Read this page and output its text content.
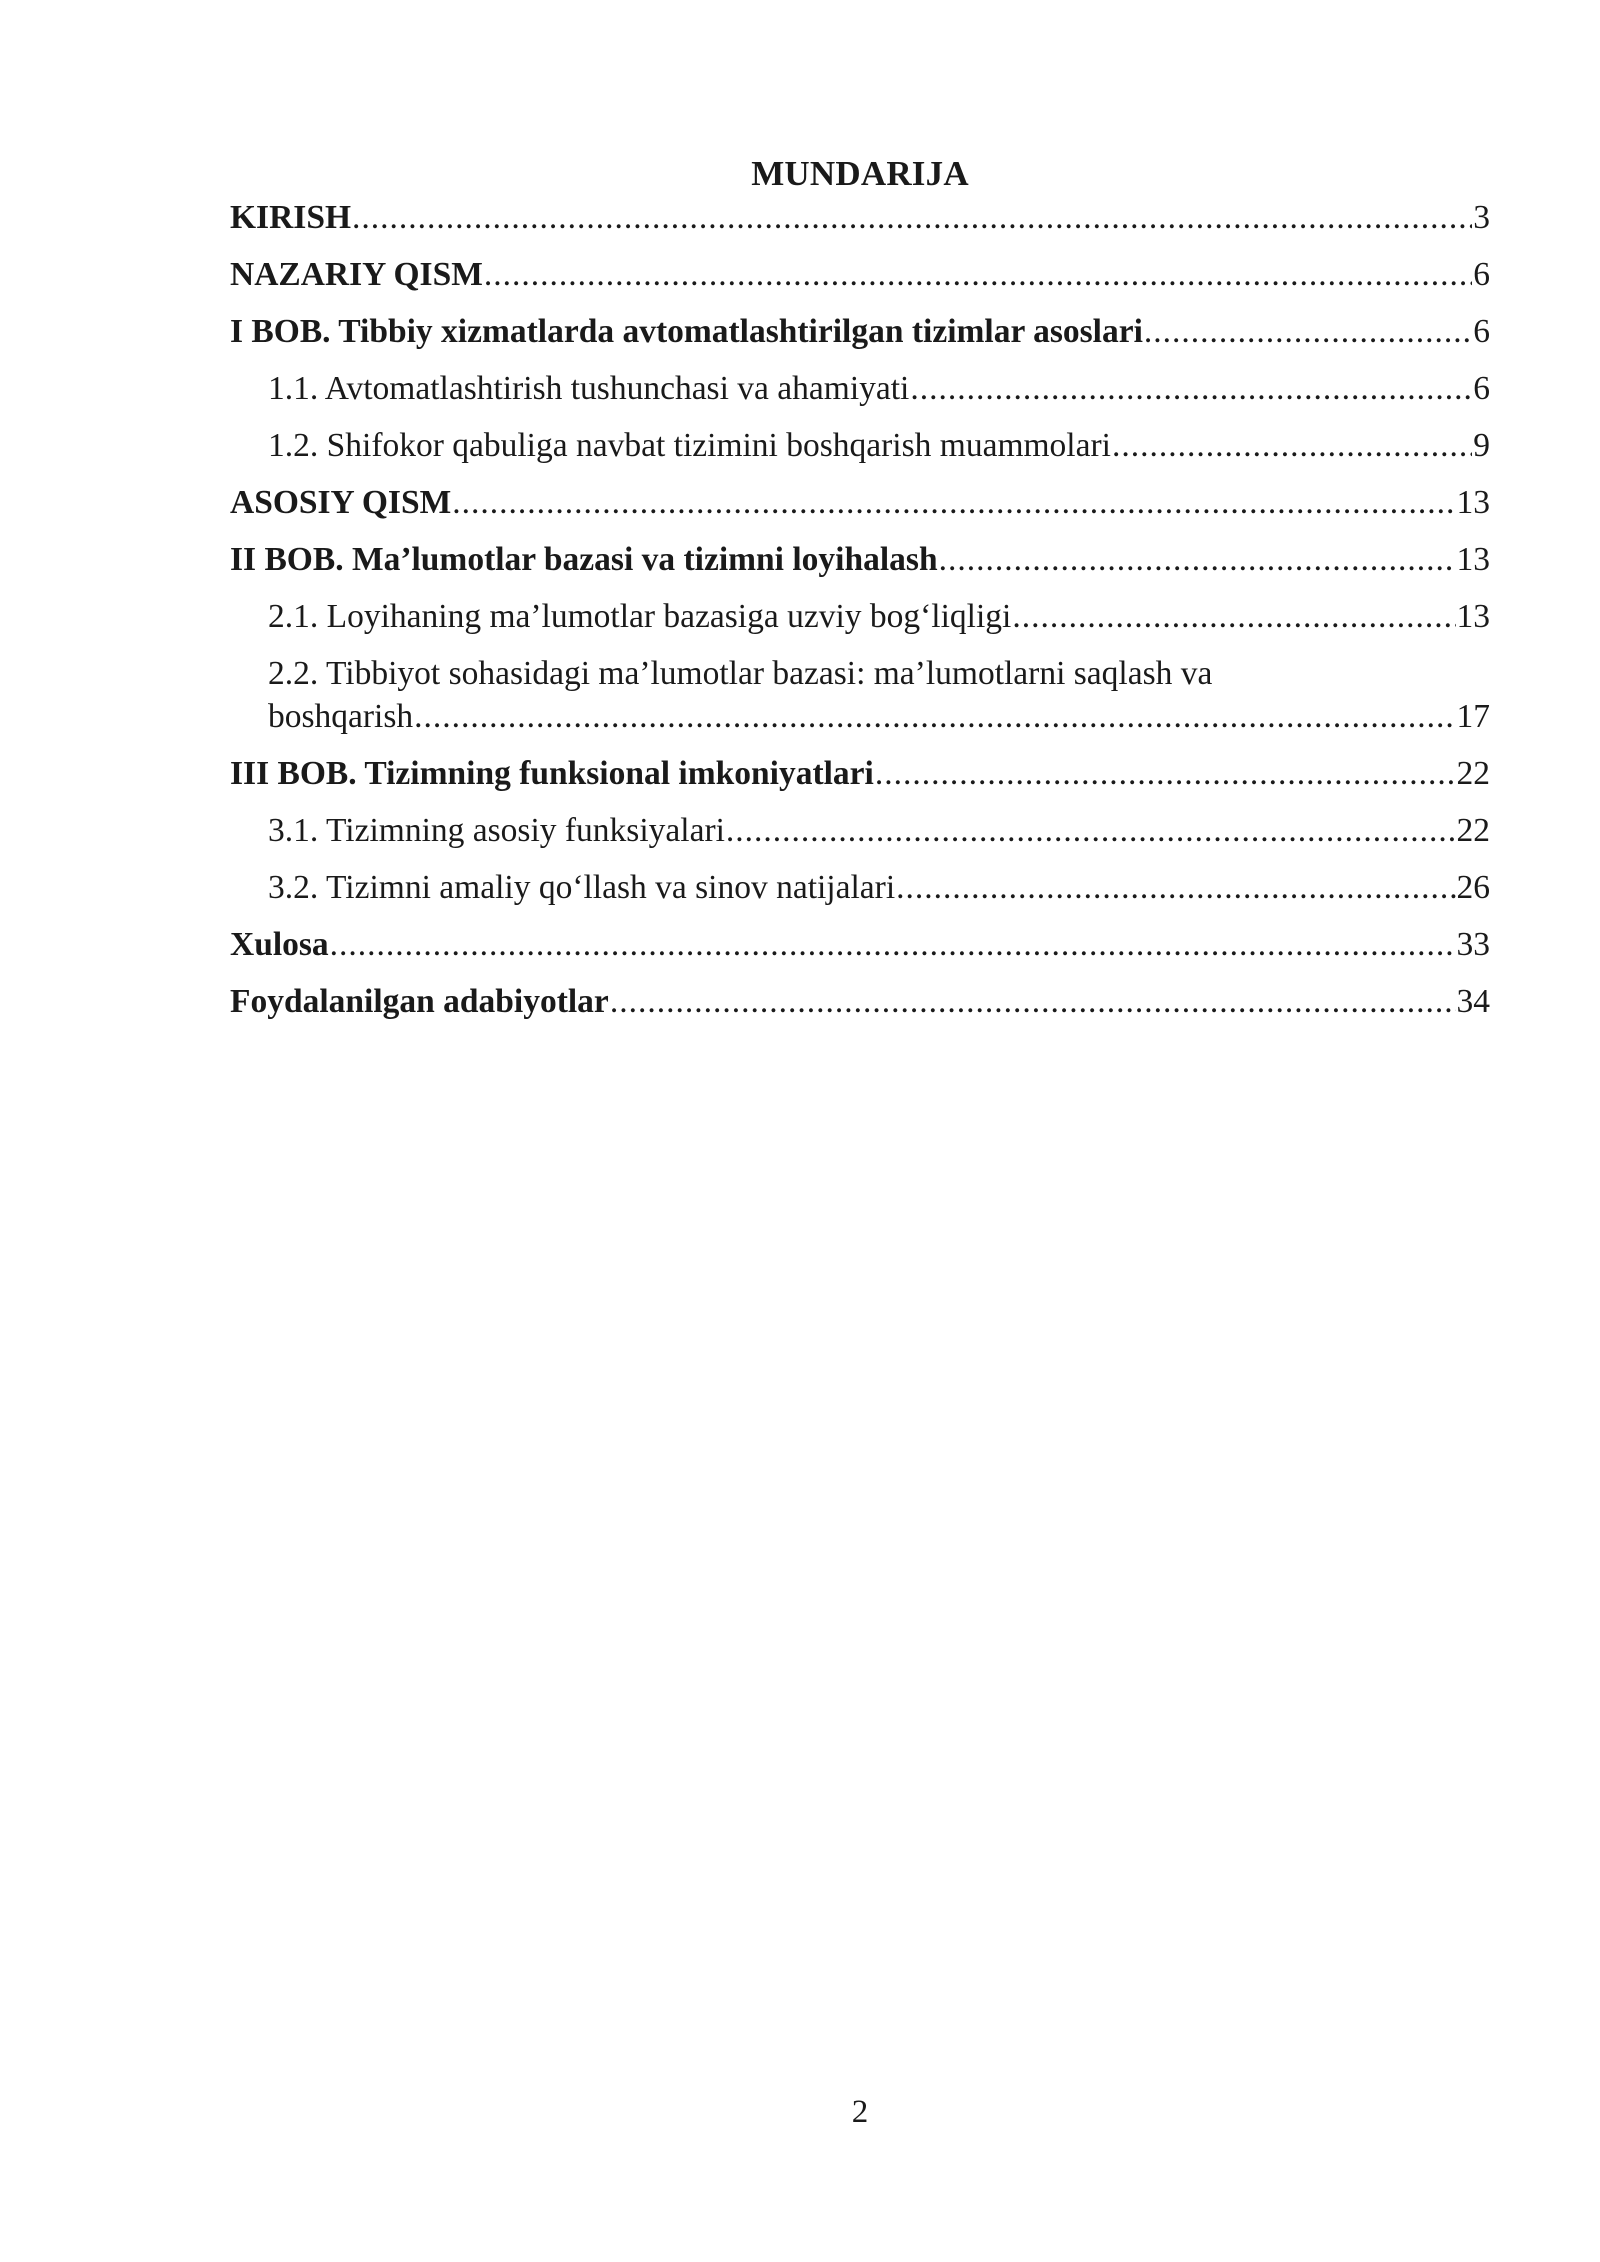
MUNDARIJA
KIRISH .....	3
NAZARIY QISM .....	6
I BOB. Tibbiy xizmatlarda avtomatlashtirilgan tizimlar asoslari .....	6
1.1. Avtomatlashtirish tushunchasi va ahamiyati .....	6
1.2. Shifokor qabuliga navbat tizimini boshqarish muammolari .....	9
ASOSIY QISM .....	13
II BOB. Ma’lumotlar bazasi va tizimni loyihalash .....	13
2.1. Loyihaning ma’lumotlar bazasiga uzviy bog‘liqligi .....	13
2.2. Tibbiyot sohasidagi ma’lumotlar bazasi: ma’lumotlarni saqlash va
boshqarish .....	17
III BOB. Tizimning funksional imkoniyatlari .....	22
3.1. Tizimning asosiy funksiyalari .....	22
3.2. Tizimni amaliy qo‘llash va sinov natijalari .....	26
Xulosa .....	33
Foydalanilgan adabiyotlar .....	34
2
